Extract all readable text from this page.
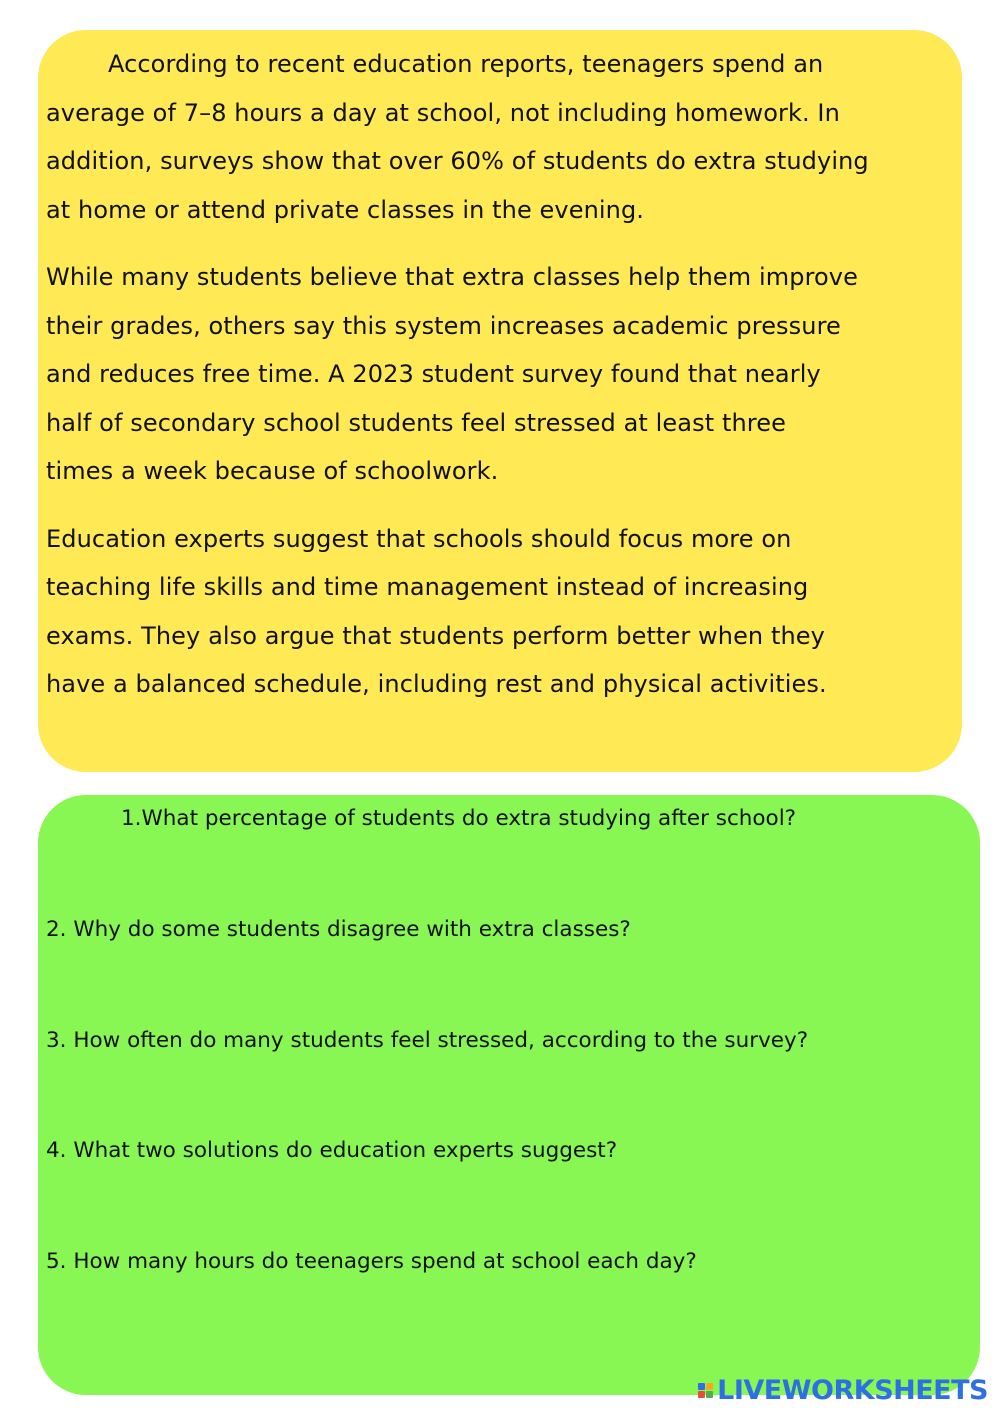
According to recent education reports, teenagers spend an
average of 7–8 hours a day at school, not including homework. In
addition, surveys show that over 60% of students do extra studying
at home or attend private classes in the evening.

While many students believe that extra classes help them improve
their grades, others say this system increases academic pressure
and reduces free time. A 2023 student survey found that nearly
half of secondary school students feel stressed at least three
times a week because of schoolwork.

Education experts suggest that schools should focus more on
teaching life skills and time management instead of increasing
exams. They also argue that students perform better when they
have a balanced schedule, including rest and physical activities.

1.What percentage of students do extra studying after school?

2. Why do some students disagree with extra classes?

3. How often do many students feel stressed, according to the survey?

4. What two solutions do education experts suggest?

5. How many hours do teenagers spend at school each day?

LIVEWORKSHEETS
